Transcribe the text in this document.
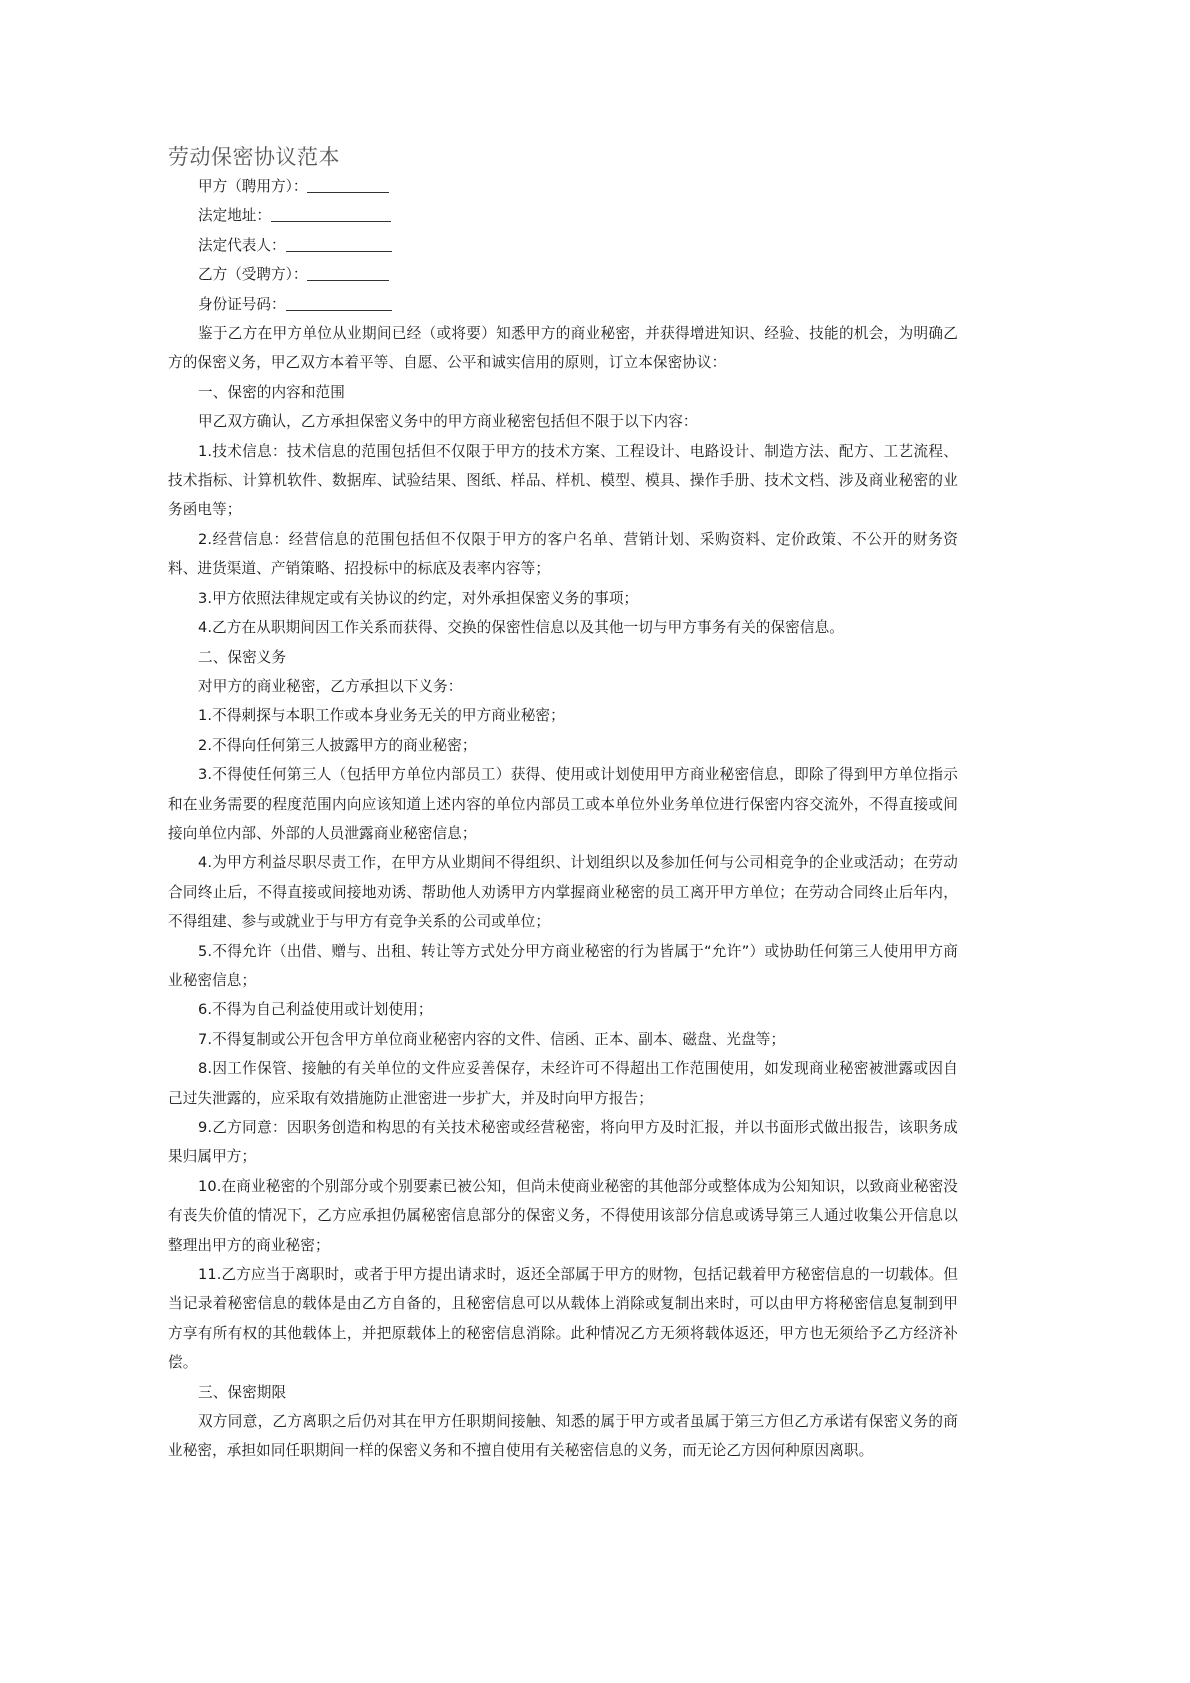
劳动保密协议范本

甲方（聘用方）：

法定地址：

法定代表人：

乙方（受聘方）：

身份证号码：

鉴于乙方在甲方单位从业期间已经（或将要）知悉甲方的商业秘密，并获得增进知识、经验、技能的机会，为明确乙方的保密义务，甲乙双方本着平等、自愿、公平和诚实信用的原则，订立本保密协议：

一、保密的内容和范围

甲乙双方确认，乙方承担保密义务中的甲方商业秘密包括但不限于以下内容：

1.技术信息：技术信息的范围包括但不仅限于甲方的技术方案、工程设计、电路设计、制造方法、配方、工艺流程、技术指标、计算机软件、数据库、试验结果、图纸、样品、样机、模型、模具、操作手册、技术文档、涉及商业秘密的业务函电等；

2.经营信息：经营信息的范围包括但不仅限于甲方的客户名单、营销计划、采购资料、定价政策、不公开的财务资料、进货渠道、产销策略、招投标中的标底及表率内容等；

3.甲方依照法律规定或有关协议的约定，对外承担保密义务的事项；

4.乙方在从职期间因工作关系而获得、交换的保密性信息以及其他一切与甲方事务有关的保密信息。

二、保密义务

对甲方的商业秘密，乙方承担以下义务：

1.不得刺探与本职工作或本身业务无关的甲方商业秘密；

2.不得向任何第三人披露甲方的商业秘密；

3.不得使任何第三人（包括甲方单位内部员工）获得、使用或计划使用甲方商业秘密信息，即除了得到甲方单位指示和在业务需要的程度范围内向应该知道上述内容的单位内部员工或本单位外业务单位进行保密内容交流外，不得直接或间接向单位内部、外部的人员泄露商业秘密信息；

4.为甲方利益尽职尽责工作，在甲方从业期间不得组织、计划组织以及参加任何与公司相竞争的企业或活动；在劳动合同终止后，不得直接或间接地劝诱、帮助他人劝诱甲方内掌握商业秘密的员工离开甲方单位；在劳动合同终止后年内，不得组建、参与或就业于与甲方有竞争关系的公司或单位；

5.不得允许（出借、赠与、出租、转让等方式处分甲方商业秘密的行为皆属于“允许”）或协助任何第三人使用甲方商业秘密信息；

6.不得为自己利益使用或计划使用；

7.不得复制或公开包含甲方单位商业秘密内容的文件、信函、正本、副本、磁盘、光盘等；

8.因工作保管、接触的有关单位的文件应妥善保存，未经许可不得超出工作范围使用，如发现商业秘密被泄露或因自己过失泄露的，应采取有效措施防止泄密进一步扩大，并及时向甲方报告；

9.乙方同意：因职务创造和构思的有关技术秘密或经营秘密，将向甲方及时汇报，并以书面形式做出报告，该职务成果归属甲方；

10.在商业秘密的个别部分或个别要素已被公知，但尚未使商业秘密的其他部分或整体成为公知知识，以致商业秘密没有丧失价值的情况下，乙方应承担仍属秘密信息部分的保密义务，不得使用该部分信息或诱导第三人通过收集公开信息以整理出甲方的商业秘密；

11.乙方应当于离职时，或者于甲方提出请求时，返还全部属于甲方的财物，包括记载着甲方秘密信息的一切载体。但当记录着秘密信息的载体是由乙方自备的，且秘密信息可以从载体上消除或复制出来时，可以由甲方将秘密信息复制到甲方享有所有权的其他载体上，并把原载体上的秘密信息消除。此种情况乙方无须将载体返还，甲方也无须给予乙方经济补偿。

三、保密期限

双方同意，乙方离职之后仍对其在甲方任职期间接触、知悉的属于甲方或者虽属于第三方但乙方承诺有保密义务的商业秘密，承担如同任职期间一样的保密义务和不擅自使用有关秘密信息的义务，而无论乙方因何种原因离职。
